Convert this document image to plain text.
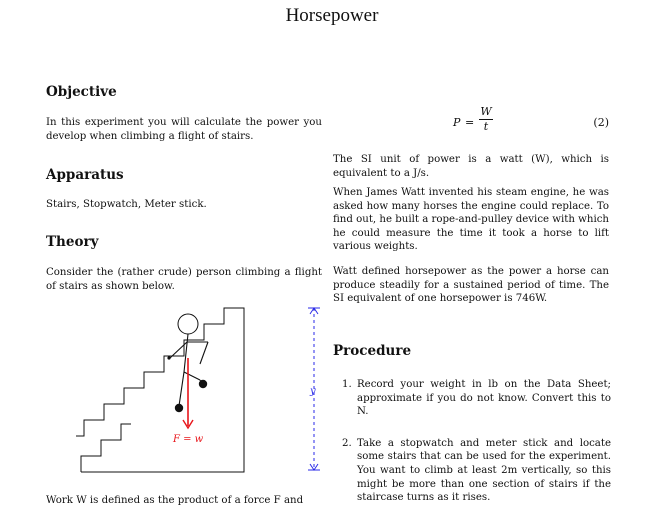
Horsepower
Objective

In this experiment you will calculate the power you develop when climbing a flight of stairs.

Apparatus

Stairs, Stopwatch, Meter stick.

Theory

Consider the (rather crude) person climbing a flight of stairs as shown below.

F = w
y

Work W is defined as the product of a force F and

P =
W
t	(2)

The SI unit of power is a watt (W), which is equivalent to a J/s.

When James Watt invented his steam engine, he was asked how many horses the engine could replace. To find out, he built a rope-and-pulley device with which he could measure the time it took a horse to lift various weights.

Watt defined horsepower as the power a horse can produce steadily for a sustained period of time. The SI equivalent of one horsepower is 746W.

Procedure
1. Record your weight in lb on the Data Sheet; approximate if you do not know. Convert this to N.
2. Take a stopwatch and meter stick and locate some stairs that can be used for the experiment. You want to climb at least 2m vertically, so this might be more than one section of stairs if the staircase turns as it rises.
